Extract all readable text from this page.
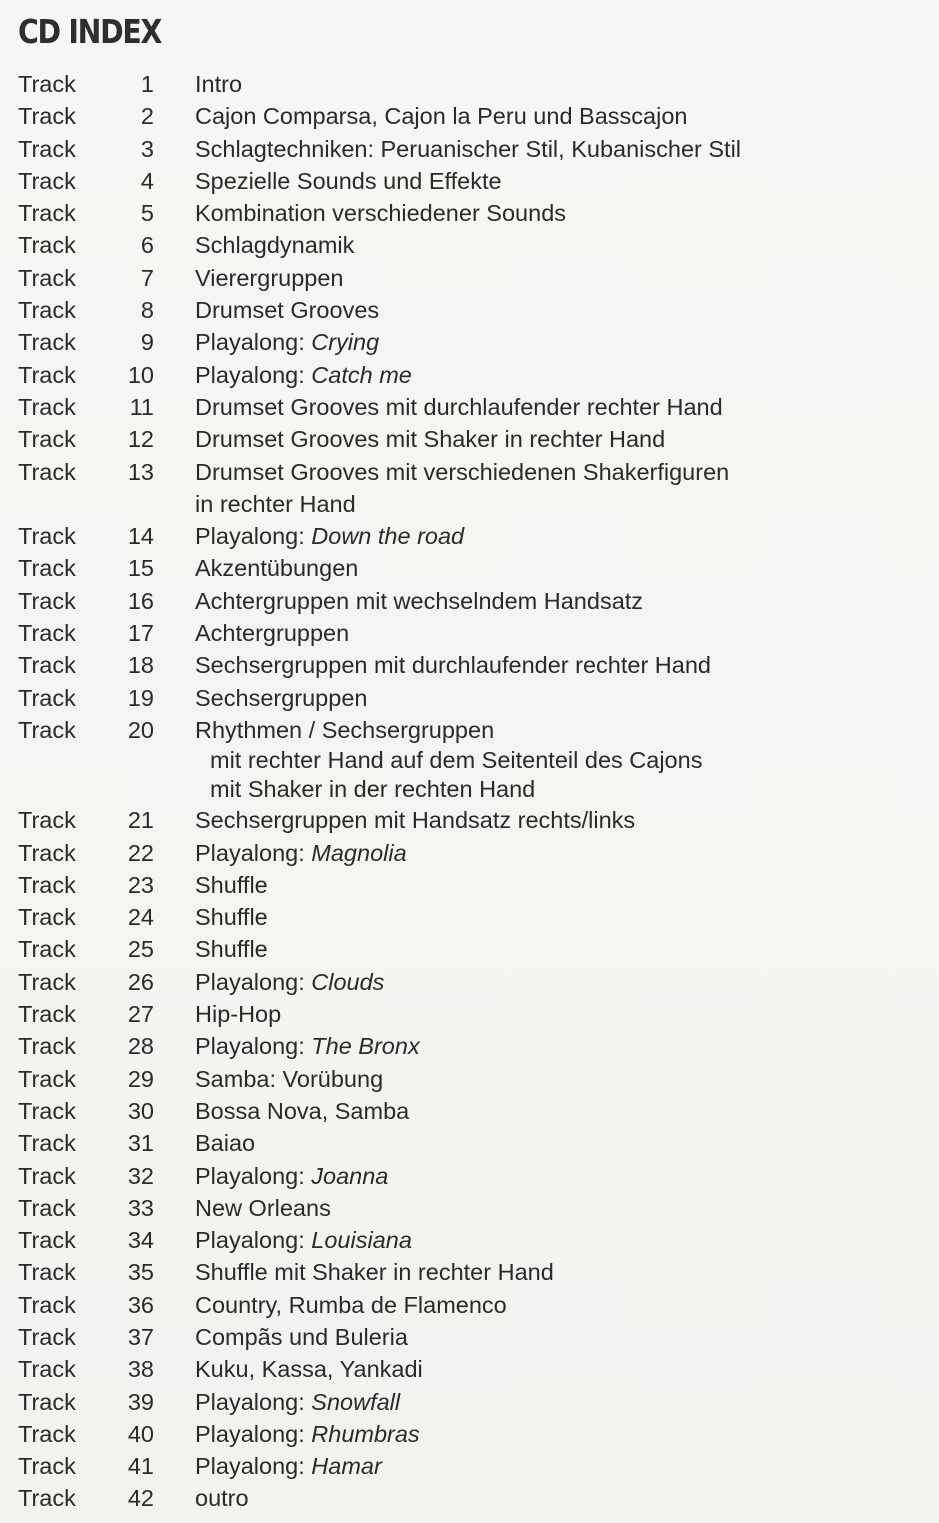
CD INDEX
Track	1 Intro
Track	2 Cajon Comparsa, Cajon la Peru und Basscajon
Track	3 Schlagtechniken: Peruanischer Stil, Kubanischer Stil
Track	4 Spezielle Sounds und Effekte
Track	5 Kombination verschiedener Sounds
Track	6 Schlagdynamik
Track	7 Vierergruppen
Track	8 Drumset Grooves
Track	9 Playalong: Crying
Track	10 Playalong: Catch me
Track	11 Drumset Grooves mit durchlaufender rechter Hand
Track	12 Drumset Grooves mit Shaker in rechter Hand
Track	13 Drumset Grooves mit verschiedenen Shakerfiguren
in rechter Hand
Track	14 Playalong: Down the road
Track	15 Akzentübungen
Track	16 Achtergruppen mit wechselndem Handsatz
Track	17 Achtergruppen
Track	18 Sechsergruppen mit durchlaufender rechter Hand
Track	19 Sechsergruppen
Track	20 Rhythmen / Sechsergruppen
mit rechter Hand auf dem Seitenteil des Cajons
mit Shaker in der rechten Hand
Track	21 Sechsergruppen mit Handsatz rechts/links
Track	22 Playalong: Magnolia
Track	23 Shuffle
Track	24 Shuffle
Track	25 Shuffle
Track	26 Playalong: Clouds
Track	27 Hip-Hop
Track	28 Playalong: The Bronx
Track	29 Samba: Vorübung
Track	30 Bossa Nova, Samba
Track	31 Baiao
Track	32 Playalong: Joanna
Track	33 New Orleans
Track	34 Playalong: Louisiana
Track	35 Shuffle mit Shaker in rechter Hand
Track	36 Country, Rumba de Flamenco
Track	37 Compãs und Buleria
Track	38 Kuku, Kassa, Yankadi
Track	39 Playalong: Snowfall
Track	40 Playalong: Rhumbras
Track	41 Playalong: Hamar
Track	42 outro
